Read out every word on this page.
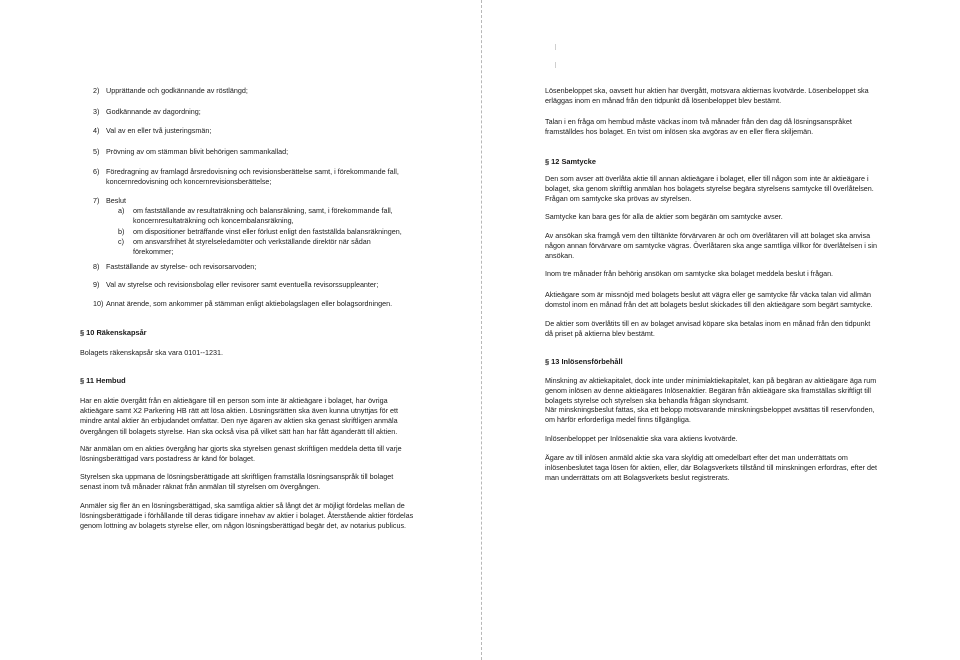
2) Upprättande och godkännande av röstlängd;

3) Godkännande av dagordning;

4) Val av en eller två justeringsmän;

5) Prövning av om stämman blivit behörigen sammankallad;

6) Föredragning av framlagd årsredovisning och revisionsberättelse samt, i förekommande fall, koncernredovisning och koncernrevisionsberättelse;

7) Beslut

a) om fastställande av resultaträkning och balansräkning, samt, i förekommande fall, koncernresultaträkning och koncernbalansräkning,

b) om dispositioner beträffande vinst eller förlust enligt den fastställda balansräkningen,

c) om ansvarsfrihet åt styrelseledamöter och verkställande direktör när sådan förekommer;

8) Fastställande av styrelse- och revisorsarvoden;

9) Val av styrelse och revisionsbolag eller revisorer samt eventuella revisorssuppleanter;

10) Annat ärende, som ankommer på stämman enligt aktiebolagslagen eller bolagsordningen.

§ 10 Räkenskapsår

Bolagets räkenskapsår ska vara 0101--1231.

§ 11 Hembud

Har en aktie övergått från en aktieägare till en person som inte är aktieägare i bolaget, har övriga aktieägare samt X2 Parkering HB rätt att lösa aktien. Lösningsrätten ska även kunna utnyttjas för ett mindre antal aktier än erbjudandet omfattar. Den nye ägaren av aktien ska genast skriftligen anmäla övergången till bolagets styrelse. Han ska också visa på vilket sätt han har fått äganderätt till aktien.

När anmälan om en akties övergång har gjorts ska styrelsen genast skriftligen meddela detta till varje lösningsberättigad vars postadress är känd för bolaget.

Styrelsen ska uppmana de lösningsberättigade att skriftligen framställa lösningsanspråk till bolaget senast inom två månader räknat från anmälan till styrelsen om övergången.

Anmäler sig fler än en lösningsberättigad, ska samtliga aktier så långt det är möjligt fördelas mellan de lösningsberättigade i förhållande till deras tidigare innehav av aktier i bolaget. Återstående aktier fördelas genom lottning av bolagets styrelse eller, om någon lösningsberättigad begär det, av notarius publicus.

Lösenbeloppet ska, oavsett hur aktien har övergått, motsvara aktiernas kvotvärde. Lösenbeloppet ska erläggas inom en månad från den tidpunkt då lösenbeloppet blev bestämt.

Talan i en fråga om hembud måste väckas inom två månader från den dag då lösningsanspråket framställdes hos bolaget. En tvist om inlösen ska avgöras av en eller flera skiljemän.

§ 12 Samtycke

Den som avser att överlåta aktie till annan aktieägare i bolaget, eller till någon som inte är aktieägare i bolaget, ska genom skriftlig anmälan hos bolagets styrelse begära styrelsens samtycke till överlåtelsen. Frågan om samtycke ska prövas av styrelsen.

Samtycke kan bara ges för alla de aktier som begärän om samtycke avser.

Av ansökan ska framgå vem den tilltänkte förvärvaren är och om överlåtaren vill att bolaget ska anvisa någon annan förvärvare om samtycke vägras. Överlåtaren ska ange samtliga villkor för överlåtelsen i sin ansökan.

Inom tre månader från behörig ansökan om samtycke ska bolaget meddela beslut i frågan.

Aktieägare som är missnöjd med bolagets beslut att vägra eller ge samtycke får väcka talan vid allmän domstol inom en månad från det att bolagets beslut skickades till den aktieägare som begärt samtycke.

De aktier som överlåtits till en av bolaget anvisad köpare ska betalas inom en månad från den tidpunkt då priset på aktierna blev bestämt.

§ 13 Inlösensförbehåll

Minskning av aktiekapitalet, dock inte under minimiaktiekapitalet, kan på begäran av aktieägare äga rum genom inlösen av denne aktieägares Inlösenaktier. Begäran från aktieägare ska framställas skriftligt till bolagets styrelse och styrelsen ska behandla frågan skyndsamt.

När minskningsbeslut fattas, ska ett belopp motsvarande minskningsbeloppet avsättas till reservfonden, om härför erforderliga medel finns tillgängliga.

Inlösenbeloppet per Inlösenaktie ska vara aktiens kvotvärde.

Ägare av till inlösen anmäld aktie ska vara skyldig att omedelbart efter det man underrättats om inlösenbeslutet taga lösen för aktien, eller, där Bolagsverkets tillstånd till minskningen erfordras, efter det man underrättats om att Bolagsverkets beslut registrerats.
